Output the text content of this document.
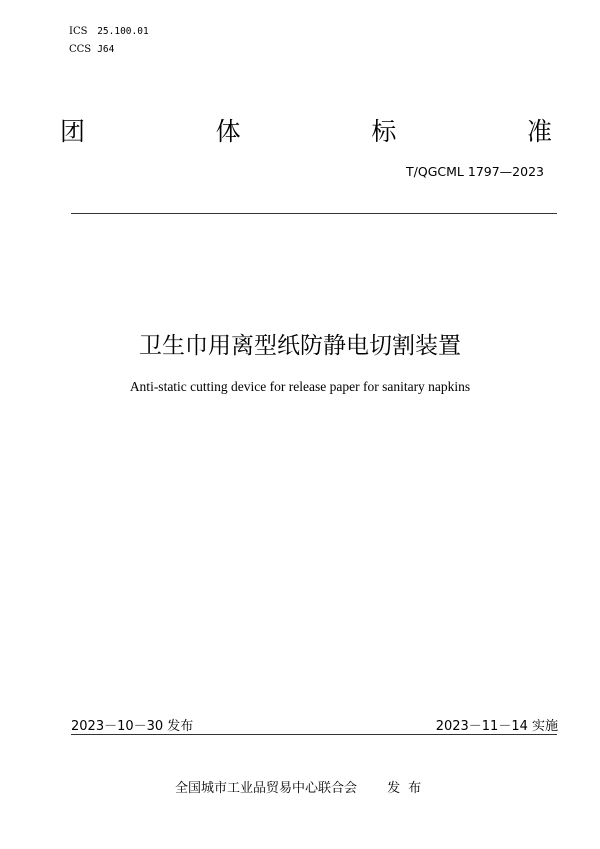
ICS 25.100.01
CCS J64
团	体	标	准
T/QGCML 1797—2023
卫生巾用离型纸防静电切割装置
Anti-static cutting device for release paper for sanitary napkins
2023－10－30 发布	2023－11－14 实施
全国城市工业品贸易中心联合会 发布
